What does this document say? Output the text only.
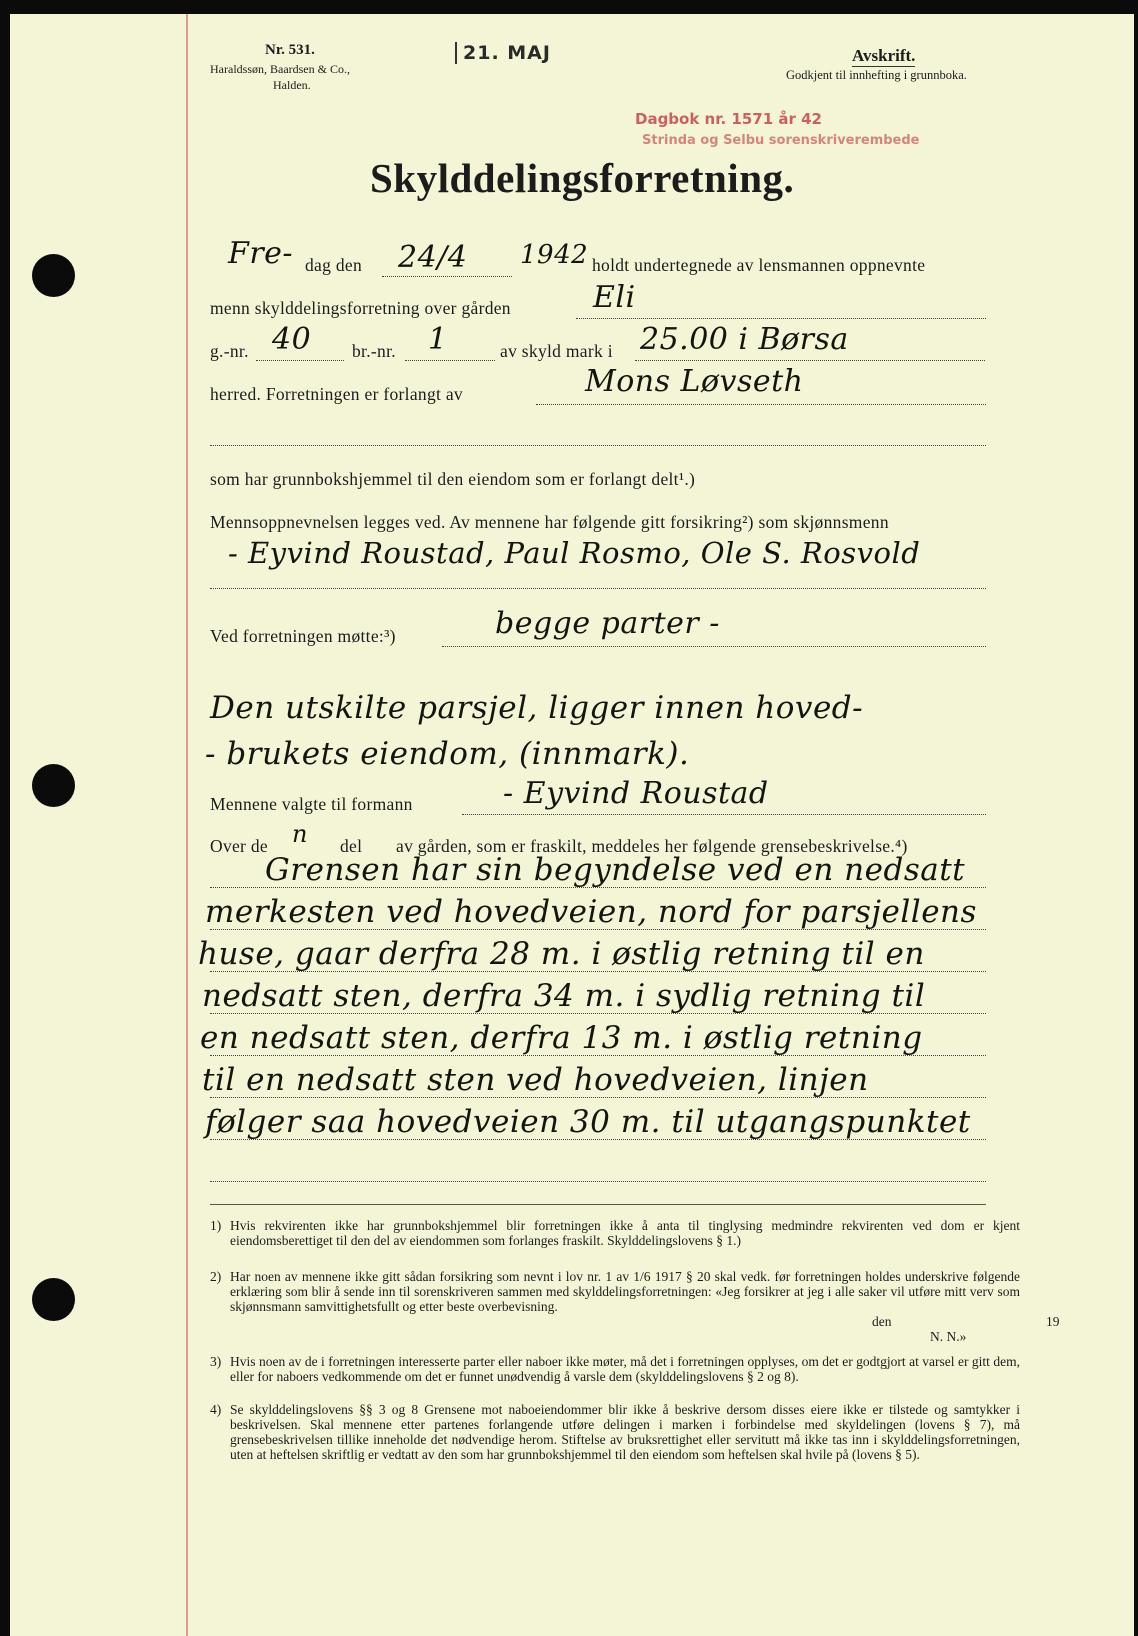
Nr. 531.
Haraldssøn, Baardsen & Co.,
Halden.
21. MAJ	Avskrift.
Godkjent til innhefting i grunnboka.
Dagbok nr. 1571 år 42
Strinda og Selbu sorenskriverembede
Skylddelingsforretning.
Fre- dag den 24/4 1942 holdt undertegnede av lensmannen oppnevnte
menn skylddelingsforretning over gården	Eli
g.-nr. 40 br.-nr. 1	av skyld mark i 25.00 i Børsa
herred. Forretningen er forlangt av	Mons Løvseth
som har grunnbokshjemmel til den eiendom som er forlangt delt¹.)
Mennsoppnevnelsen legges ved. Av mennene har følgende gitt forsikring²) som skjønnsmenn
- Eyvind Roustad, Paul Rosmo, Ole S. Rosvold
Ved forretningen møtte:³)	begge parter -
Den utskilte parsjel, ligger innen hoved-
- brukets eiendom, (innmark).
Mennene valgte til formann	- Eyvind Roustad
Over de n del av gården, som er fraskilt, meddeles her følgende grensebeskrivelse.⁴)
Grensen har sin begyndelse ved en nedsatt
merkesten ved hovedveien, nord for parsjellens
huse, gaar derfra 28 m. i østlig retning til en
nedsatt sten, derfra 34 m. i sydlig retning til
en nedsatt sten, derfra 13 m. i østlig retning
til en nedsatt sten ved hovedveien, linjen
følger saa hovedveien 30 m. til utgangspunktet
1) Hvis rekvirenten ikke har grunnbokshjemmel blir forretningen ikke å anta til tinglysing medmindre rekvirenten ved dom er kjent eiendomsberettiget til den del av eiendommen som forlanges fraskilt. Skylddelingslovens § 1.)
2) Har noen av mennene ikke gitt sådan forsikring som nevnt i lov nr. 1 av 1/6 1917 § 20 skal vedk. før forretningen holdes underskrive følgende erklæring som blir å sende inn til sorenskriveren sammen med skylddelingsforretningen: «Jeg forsikrer at jeg i alle saker vil utføre mitt verv som skjønnsmann samvittighetsfullt og etter beste overbevisning.
den	19
N. N.»
3) Hvis noen av de i forretningen interesserte parter eller naboer ikke møter, må det i forretningen opplyses, om det er godtgjort at varsel er gitt dem, eller for naboers vedkommende om det er funnet unødvendig å varsle dem (skylddelingslovens § 2 og 8).
4) Se skylddelingslovens §§ 3 og 8 Grensene mot naboeiendommer blir ikke å beskrive dersom disses eiere ikke er tilstede og samtykker i beskrivelsen. Skal mennene etter partenes forlangende utføre delingen i marken i forbindelse med skyldelingen (lovens § 7), må grensebeskrivelsen tillike inneholde det nødvendige herom. Stiftelse av bruksrettighet eller servitutt må ikke tas inn i skylddelingsforretningen, uten at heftelsen skriftlig er vedtatt av den som har grunnbokshjemmel til den eiendom som heftelsen skal hvile på (lovens § 5).
